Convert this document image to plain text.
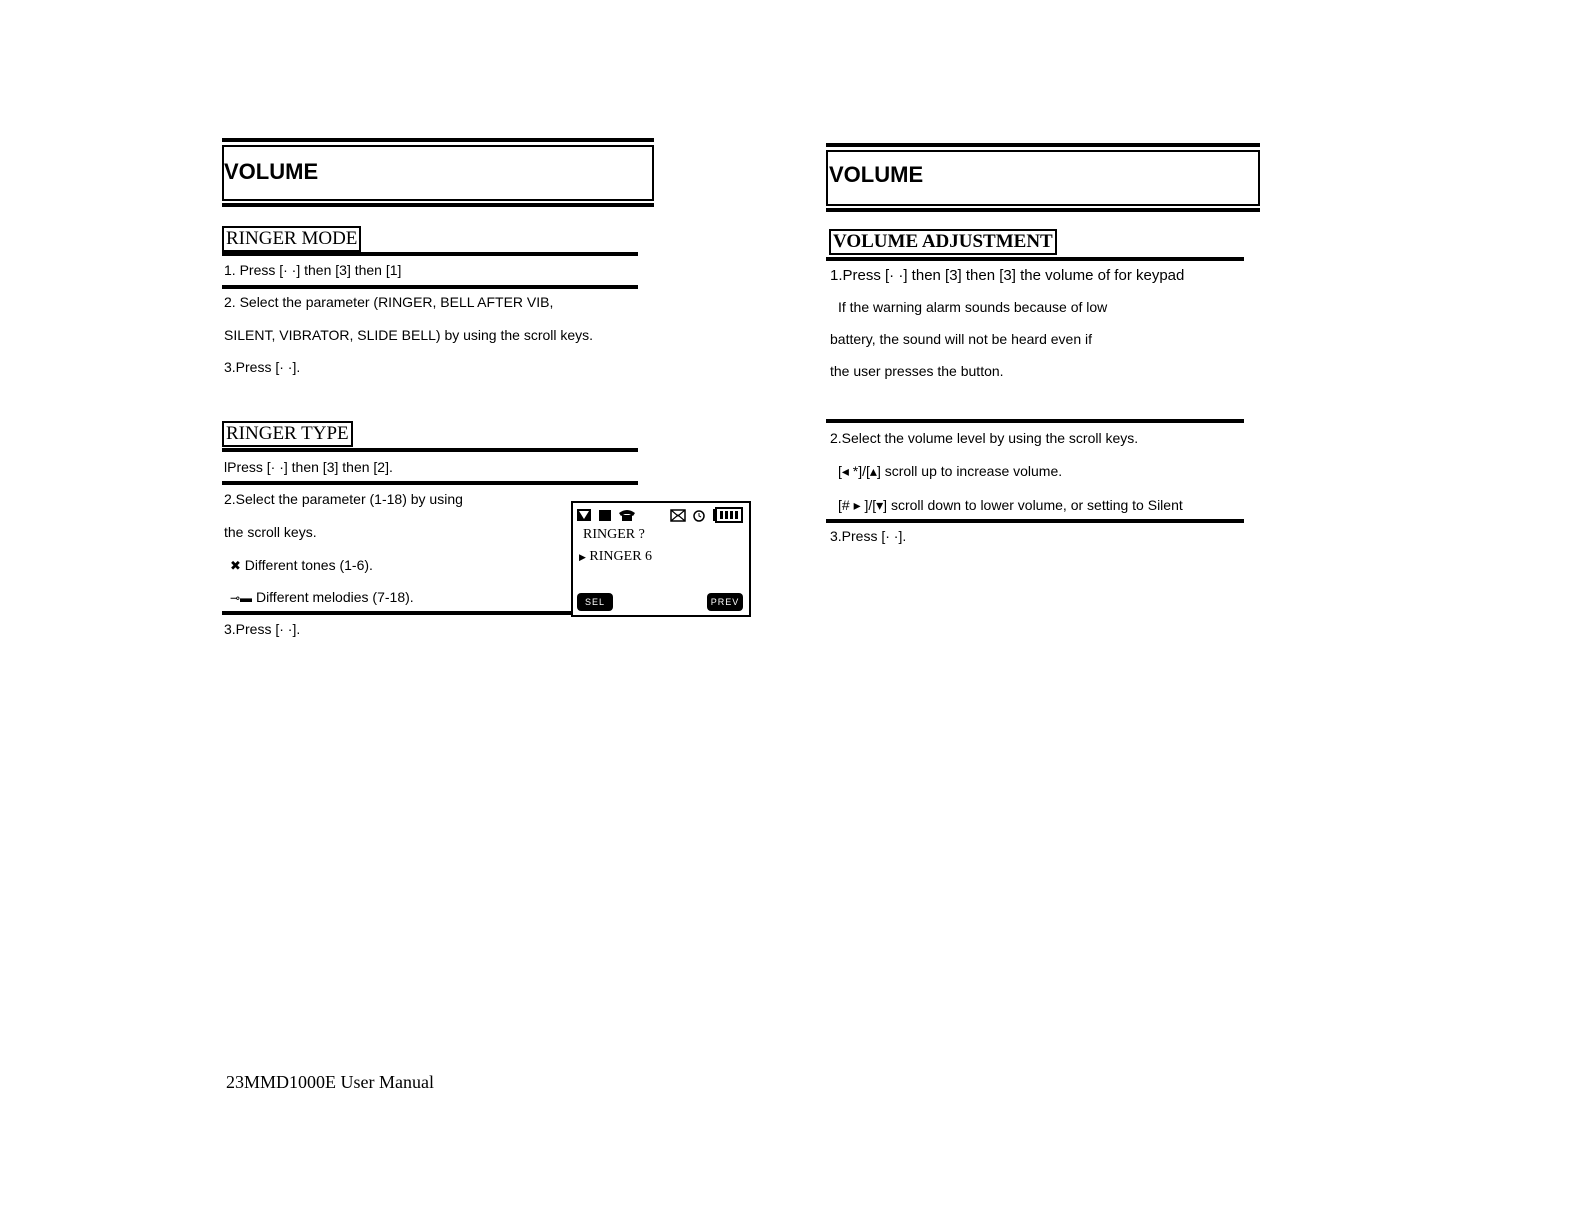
VOLUME
RINGER MODE
1. Press [· ·] then [3] then [1]
2. Select the parameter (RINGER, BELL AFTER VIB,
SILENT, VIBRATOR, SLIDE BELL) by using the scroll keys.
3.Press [· ·].
RINGER TYPE
lPress [· ·] then [3] then [2].
2.Select the parameter (1-18) by using
the scroll keys.
✖ Different tones (1-6).
⊸▬ Different melodies (7-18).
3.Press [· ·].
RINGER ?
▶ RINGER 6
SEL	PREV
VOLUME
VOLUME ADJUSTMENT
1.Press [· ·] then [3] then [3] the volume of for keypad
If the warning alarm sounds because of low
battery, the sound will not be heard even if
the user presses the button.
2.Select the volume level by using the scroll keys.
[◂ *]/[▴] scroll up to increase volume.
[# ▸ ]/[▾] scroll down to lower volume, or setting to Silent
3.Press [· ·].
23MMD1000E User Manual
